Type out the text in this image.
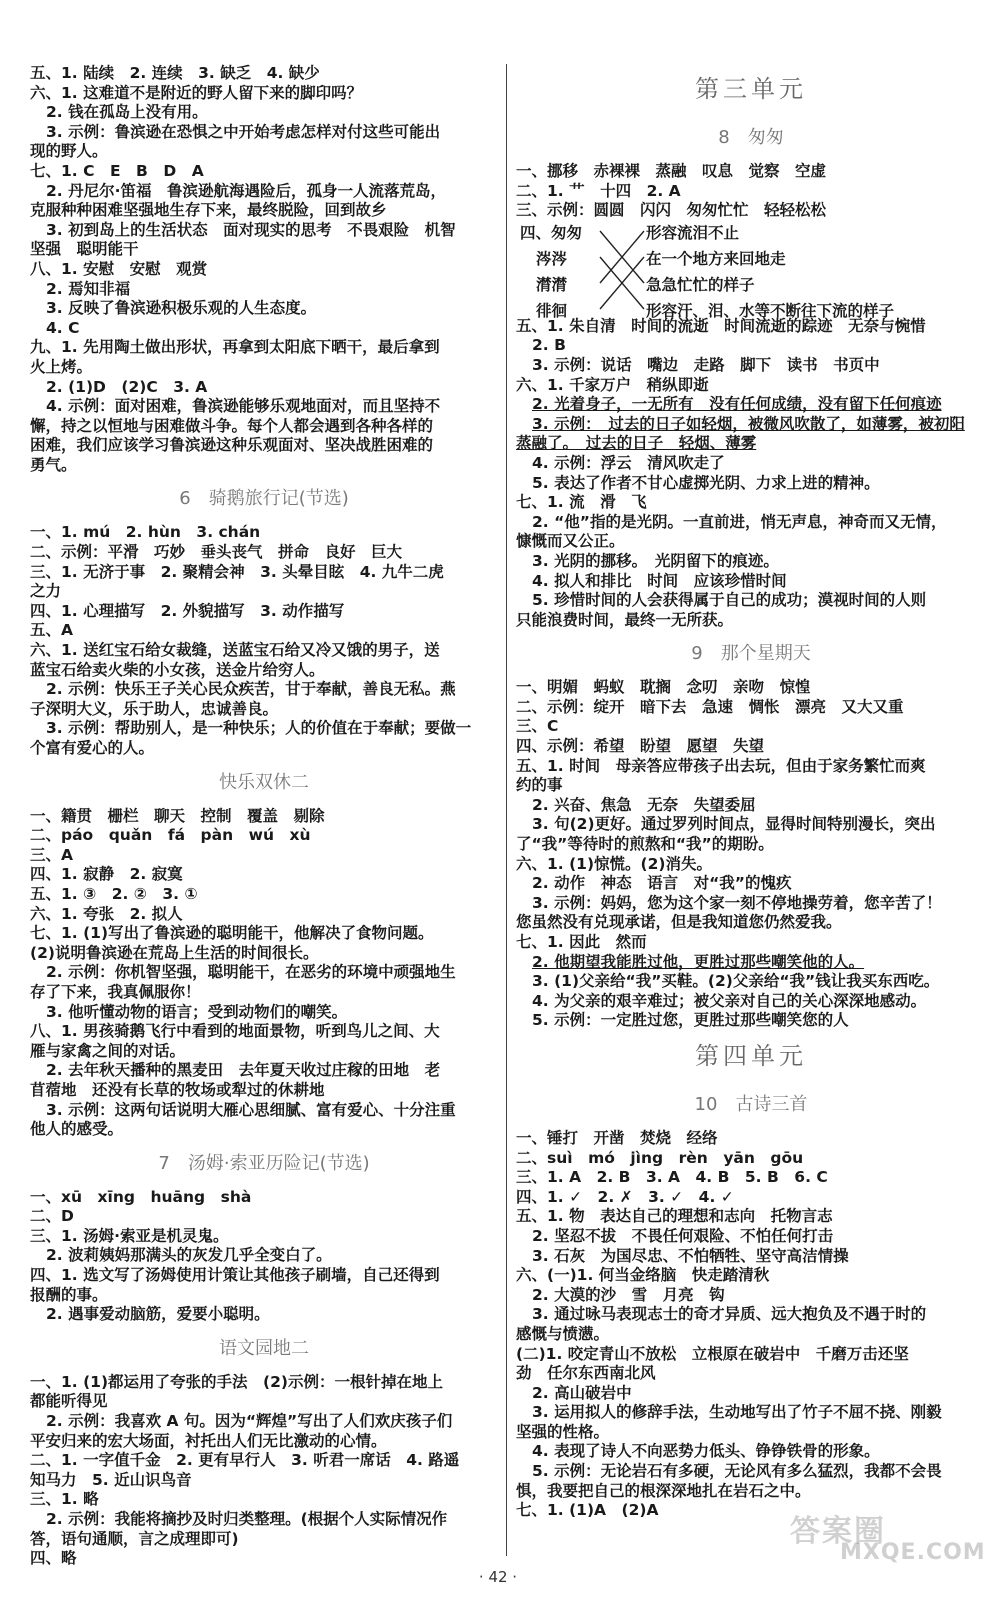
五、1. 陆续　2. 连续　3. 缺乏　4. 缺少
六、1. 这难道不是附近的野人留下来的脚印吗？
2. 钱在孤岛上没有用。
3. 示例：鲁滨逊在恐惧之中开始考虑怎样对付这些可能出
现的野人。
七、1. C　E　B　D　A
2. 丹尼尔·笛福　鲁滨逊航海遇险后，孤身一人流落荒岛，
克服种种困难坚强地生存下来，最终脱险，回到故乡
3. 初到岛上的生活状态　面对现实的思考　不畏艰险　机智
坚强　聪明能干
八、1. 安慰　安慰　观赏
2. 焉知非福
3. 反映了鲁滨逊积极乐观的人生态度。
4. C
九、1. 先用陶土做出形状，再拿到太阳底下晒干，最后拿到
火上烤。
2. (1)D　(2)C　3. A
4. 示例：面对困难，鲁滨逊能够乐观地面对，而且坚持不
懈，持之以恒地与困难做斗争。每个人都会遇到各种各样的
困难，我们应该学习鲁滨逊这种乐观面对、坚决战胜困难的
勇气。
6　骑鹅旅行记(节选)
一、1. mú　2. hùn　3. chán
二、示例：平滑　巧妙　垂头丧气　拼命　良好　巨大
三、1. 无济于事　2. 聚精会神　3. 头晕目眩　4. 九牛二虎
之力
四、1. 心理描写　2. 外貌描写　3. 动作描写
五、A
六、1. 送红宝石给女裁缝，送蓝宝石给又冷又饿的男子，送
蓝宝石给卖火柴的小女孩，送金片给穷人。
2. 示例：快乐王子关心民众疾苦，甘于奉献，善良无私。燕
子深明大义，乐于助人，忠诚善良。
3. 示例：帮助别人，是一种快乐；人的价值在于奉献；要做一
个富有爱心的人。
快乐双休二
一、籍贯　栅栏　聊天　控制　覆盖　剔除
二、páo　quǎn　fá　pàn　wú　xù
三、A
四、1. 寂静　2. 寂寞
五、1. ③　2. ②　3. ①
六、1. 夸张　2. 拟人
七、1. (1)写出了鲁滨逊的聪明能干，他解决了食物问题。
(2)说明鲁滨逊在荒岛上生活的时间很长。
2. 示例：你机智坚强，聪明能干，在恶劣的环境中顽强地生
存了下来，我真佩服你！
3. 他听懂动物的语言；受到动物们的嘲笑。
八、1. 男孩骑鹅飞行中看到的地面景物，听到鸟儿之间、大
雁与家禽之间的对话。
2. 去年秋天播种的黑麦田　去年夏天收过庄稼的田地　老
苜蓿地　还没有长草的牧场或犁过的休耕地
3. 示例：这两句话说明大雁心思细腻、富有爱心、十分注重
他人的感受。
7　汤姆·索亚历险记(节选)
一、xū　xīng　huāng　shà
二、D
三、1. 汤姆·索亚是机灵鬼。
2. 波莉姨妈那满头的灰发几乎全变白了。
四、1. 选文写了汤姆使用计策让其他孩子刷墙，自己还得到
报酬的事。
2. 遇事爱动脑筋，爱要小聪明。
语文园地二
一、1. (1)都运用了夸张的手法　(2)示例：一根针掉在地上
都能听得见
2. 示例：我喜欢 A 句。因为“辉煌”写出了人们欢庆孩子们
平安归来的宏大场面，衬托出人们无比激动的心情。
二、1. 一字值千金　2. 更有早行人　3. 听君一席话　4. 路遥
知马力　5. 近山识鸟音
三、1. 略
2. 示例：我能将摘抄及时归类整理。(根据个人实际情况作
答，语句通顺，言之成理即可)
四、略
第三单元
8　匆匆
一、挪移　赤裸裸　蒸融　叹息　觉察　空虚
二、1. 艹　十四　2. A
三、示例：圆圆　闪闪　匆匆忙忙　轻轻松松
四、匆匆
涔涔
潸潸
徘徊
形容流泪不止
在一个地方来回地走
急急忙忙的样子
形容汗、泪、水等不断往下流的样子
五、1. 朱自清　时间的流逝　时间流逝的踪迹　无奈与惋惜
2. B
3. 示例：说话　嘴边　走路　脚下　读书　书页中
六、1. 千家万户　稍纵即逝
2. 光着身子，一无所有　没有任何成绩，没有留下任何痕迹
3. 示例：　过去的日子如轻烟，被微风吹散了，如薄雾，被初阳
蒸融了。　过去的日子　轻烟、薄雾
4. 示例：浮云　清风吹走了
5. 表达了作者不甘心虚掷光阴、力求上进的精神。
七、1. 流　滑　飞
2. “他”指的是光阴。一直前进，悄无声息，神奇而又无情，
慷慨而又公正。
3. 光阴的挪移。　光阴留下的痕迹。
4. 拟人和排比　时间　应该珍惜时间
5. 珍惜时间的人会获得属于自己的成功；漠视时间的人则
只能浪费时间，最终一无所获。
9　那个星期天
一、明媚　蚂蚁　耽搁　念叨　亲吻　惊惶
二、示例：绽开　暗下去　急速　惆怅　漂亮　又大又重
三、C
四、示例：希望　盼望　愿望　失望
五、1. 时间　母亲答应带孩子出去玩，但由于家务繁忙而爽
约的事
2. 兴奋、焦急　无奈　失望委屈
3. 句(2)更好。通过罗列时间点，显得时间特别漫长，突出
了“我”等待时的煎熬和“我”的期盼。
六、1. (1)惊慌。(2)消失。
2. 动作　神态　语言　对“我”的愧疚
3. 示例：妈妈，您为这个家一刻不停地操劳着，您辛苦了！
您虽然没有兑现承诺，但是我知道您仍然爱我。
七、1. 因此　然而
2. 他期望我能胜过他，更胜过那些嘲笑他的人。
3. (1)父亲给“我”买鞋。(2)父亲给“我”钱让我买东西吃。
4. 为父亲的艰辛难过；被父亲对自己的关心深深地感动。
5. 示例：一定胜过您，更胜过那些嘲笑您的人
第四单元
10　古诗三首
一、锤打　开凿　焚烧　经络
二、suì　mó　jìng　rèn　yān　gōu
三、1. A　2. B　3. A　4. B　5. B　6. C
四、1. ✓　2. ✗　3. ✓　4. ✓
五、1. 物　表达自己的理想和志向　托物言志
2. 坚忍不拔　不畏任何艰险、不怕任何打击
3. 石灰　为国尽忠、不怕牺牲、坚守高洁情操
六、(一)1. 何当金络脑　快走踏清秋
2. 大漠的沙　雪　月亮　钩
3. 通过咏马表现志士的奇才异质、远大抱负及不遇于时的
感慨与愤懑。
(二)1. 咬定青山不放松　立根原在破岩中　千磨万击还坚
劲　任尔东西南北风
2. 高山破岩中
3. 运用拟人的修辞手法，生动地写出了竹子不屈不挠、刚毅
坚强的性格。
4. 表现了诗人不向恶势力低头、铮铮铁骨的形象。
5. 示例：无论岩石有多硬，无论风有多么猛烈，我都不会畏
惧，我要把自己的根深深地扎在岩石之中。
七、1. (1)A　(2)A
· 42 ·
答案圈
MXQE.COM
